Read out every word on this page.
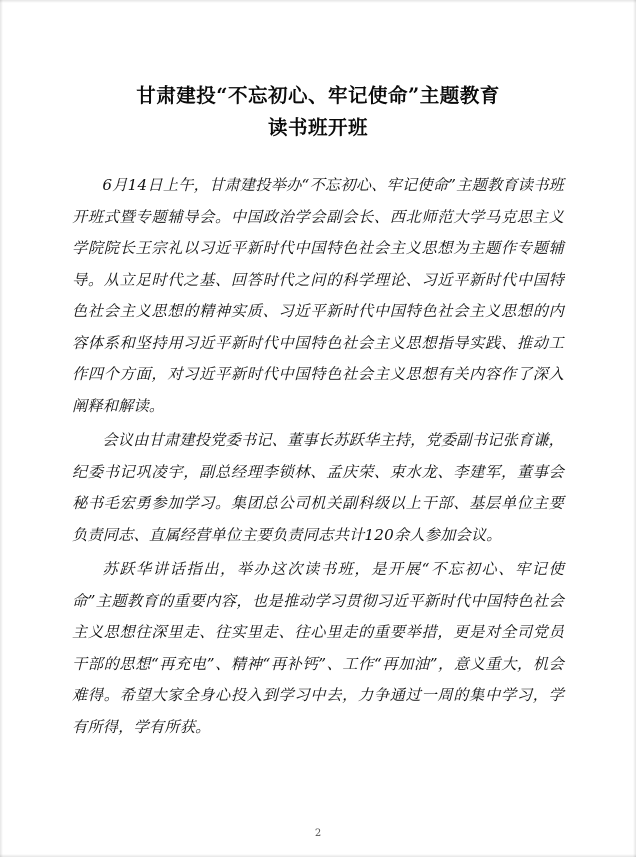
甘肃建投“不忘初心、牢记使命”主题教育
读书班开班

6月14日上午，甘肃建投举办“不忘初心、牢记使命”主题教育读书班开班式暨专题辅导会。中国政治学会副会长、西北师范大学马克思主义学院院长王宗礼以习近平新时代中国特色社会主义思想为主题作专题辅导。从立足时代之基、回答时代之问的科学理论、习近平新时代中国特色社会主义思想的精神实质、习近平新时代中国特色社会主义思想的内容体系和坚持用习近平新时代中国特色社会主义思想指导实践、推动工作四个方面，对习近平新时代中国特色社会主义思想有关内容作了深入阐释和解读。

会议由甘肃建投党委书记、董事长苏跃华主持，党委副书记张育谦，纪委书记巩凌宇，副总经理李锁林、孟庆荣、束水龙、李建军，董事会秘书毛宏勇参加学习。集团总公司机关副科级以上干部、基层单位主要负责同志、直属经营单位主要负责同志共计120余人参加会议。

苏跃华讲话指出，举办这次读书班，是开展“不忘初心、牢记使命”主题教育的重要内容，也是推动学习贯彻习近平新时代中国特色社会主义思想往深里走、往实里走、往心里走的重要举措，更是对全司党员干部的思想“再充电”、精神“再补钙”、工作“再加油”，意义重大，机会难得。希望大家全身心投入到学习中去，力争通过一周的集中学习，学有所得，学有所获。

2
